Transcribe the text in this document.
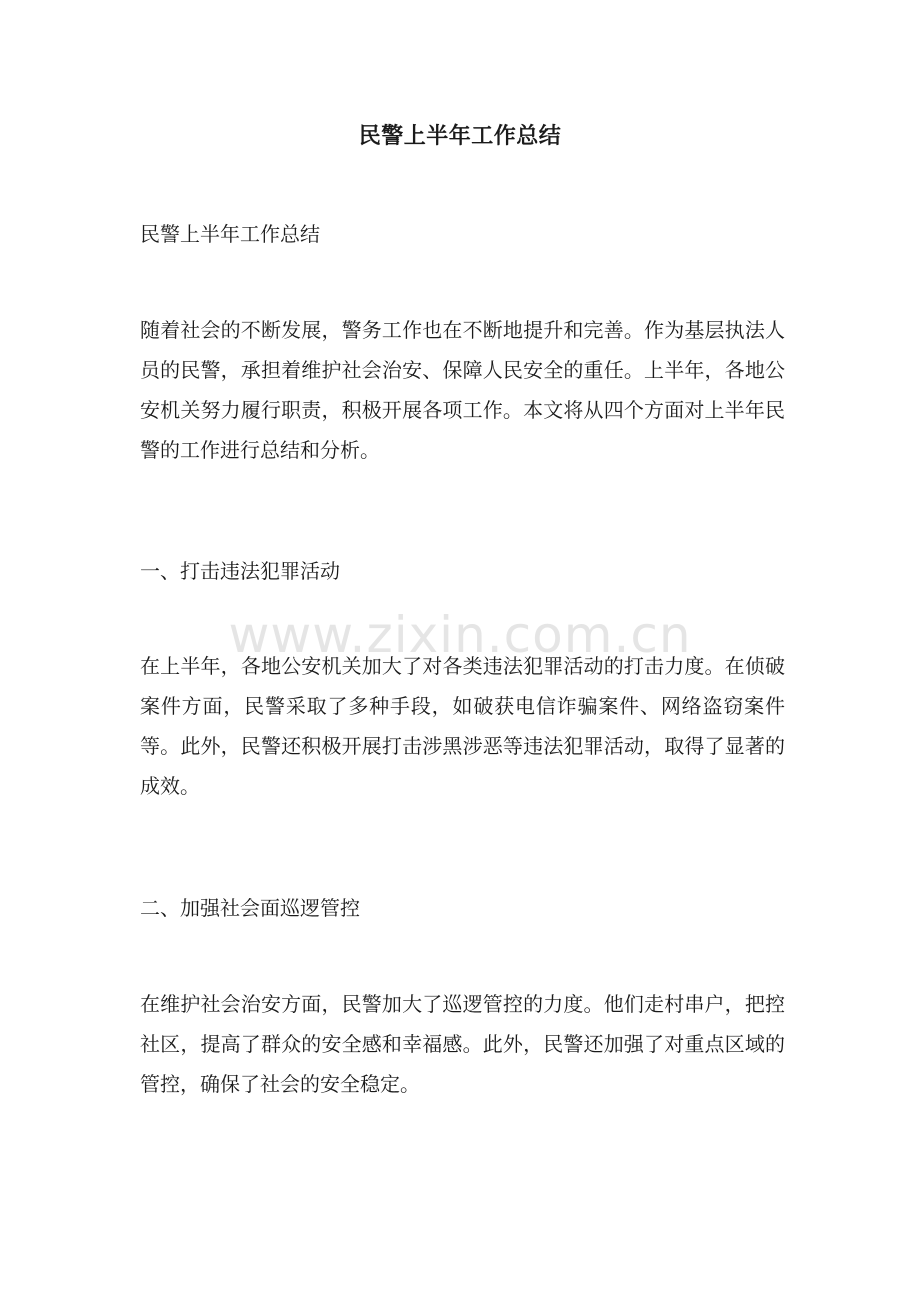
民警上半年工作总结

民警上半年工作总结

随着社会的不断发展，警务工作也在不断地提升和完善。作为基层执法人员的民警，承担着维护社会治安、保障人民安全的重任。上半年，各地公安机关努力履行职责，积极开展各项工作。本文将从四个方面对上半年民警的工作进行总结和分析。

一、打击违法犯罪活动

在上半年，各地公安机关加大了对各类违法犯罪活动的打击力度。在侦破案件方面，民警采取了多种手段，如破获电信诈骗案件、网络盗窃案件等。此外，民警还积极开展打击涉黑涉恶等违法犯罪活动，取得了显著的成效。

二、加强社会面巡逻管控

在维护社会治安方面，民警加大了巡逻管控的力度。他们走村串户，把控社区，提高了群众的安全感和幸福感。此外，民警还加强了对重点区域的管控，确保了社会的安全稳定。

www.zixin.com.cn
